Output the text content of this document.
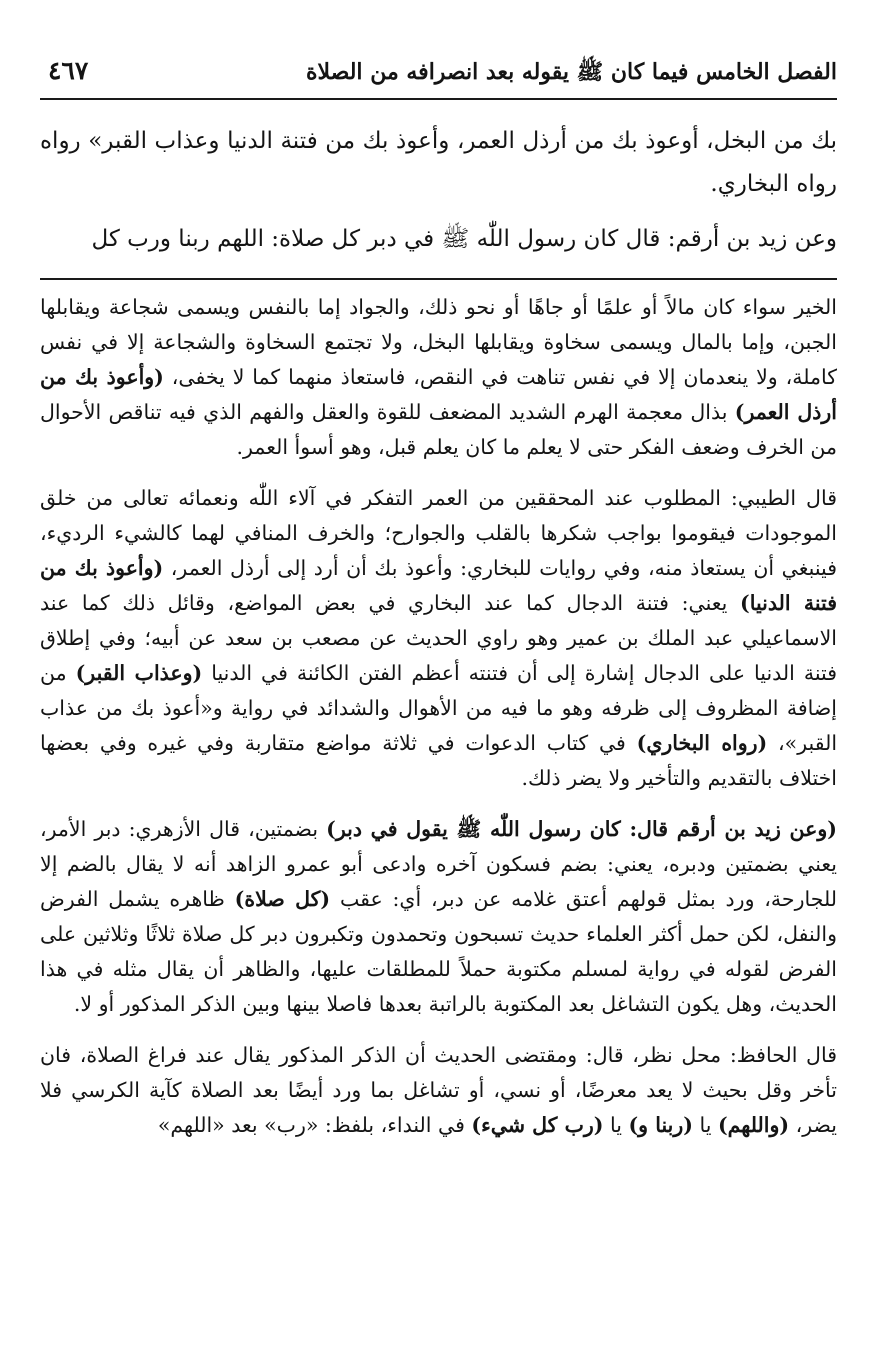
الفصل الخامس فيما كان ﷺ يقوله بعد انصرافه من الصلاة
٤٦٧

بك من البخل، أوعوذ بك من أرذل العمر، وأعوذ بك من فتنة الدنيا وعذاب القبر» رواه رواه البخاري.

وعن زيد بن أرقم: قال كان رسول اللّٰه ﷺ في دبر كل صلاة: اللهم ربنا ورب كل

الخير سواء كان مالاً أو علمًا أو جاهًا أو نحو ذلك، والجواد إما بالنفس ويسمى شجاعة ويقابلها الجبن، وإما بالمال ويسمى سخاوة ويقابلها البخل، ولا تجتمع السخاوة والشجاعة إلا في نفس كاملة، ولا ينعدمان إلا في نفس تناهت في النقص، فاستعاذ منهما كما لا يخفى، (وأعوذ بك من أرذل العمر) بذال معجمة الهرم الشديد المضعف للقوة والعقل والفهم الذي فيه تناقص الأحوال من الخرف وضعف الفكر حتى لا يعلم ما كان يعلم قبل، وهو أسوأ العمر.

قال الطيبي: المطلوب عند المحققين من العمر التفكر في آلاء اللّٰه ونعمائه تعالى من خلق الموجودات فيقوموا بواجب شكرها بالقلب والجوارح؛ والخرف المنافي لهما كالشيء الرديء، فينبغي أن يستعاذ منه، وفي روايات للبخاري: وأعوذ بك أن أرد إلى أرذل العمر، (وأعوذ بك من فتنة الدنيا) يعني: فتنة الدجال كما عند البخاري في بعض المواضع، وقائل ذلك كما عند الاسماعيلي عبد الملك بن عمير وهو راوي الحديث عن مصعب بن سعد عن أبيه؛ وفي إطلاق فتنة الدنيا على الدجال إشارة إلى أن فتنته أعظم الفتن الكائنة في الدنيا (وعذاب القبر) من إضافة المظروف إلى ظرفه وهو ما فيه من الأهوال والشدائد في رواية و«أعوذ بك من عذاب القبر»، (رواه البخاري) في كتاب الدعوات في ثلاثة مواضع متقاربة وفي غيره وفي بعضها اختلاف بالتقديم والتأخير ولا يضر ذلك.

(وعن زيد بن أرقم قال: كان رسول اللّٰه ﷺ يقول في دبر) بضمتين، قال الأزهري: دبر الأمر، يعني بضمتين ودبره، يعني: بضم فسكون آخره وادعى أبو عمرو الزاهد أنه لا يقال بالضم إلا للجارحة، ورد بمثل قولهم أعتق غلامه عن دبر، أي: عقب (كل صلاة) ظاهره يشمل الفرض والنفل، لكن حمل أكثر العلماء حديث تسبحون وتحمدون وتكبرون دبر كل صلاة ثلاثًا وثلاثين على الفرض لقوله في رواية لمسلم مكتوبة حملاً للمطلقات عليها، والظاهر أن يقال مثله في هذا الحديث، وهل يكون التشاغل بعد المكتوبة بالراتبة بعدها فاصلا بينها وبين الذكر المذكور أو لا.

قال الحافظ: محل نظر، قال: ومقتضى الحديث أن الذكر المذكور يقال عند فراغ الصلاة، فان تأخر وقل بحيث لا يعد معرضًا، أو نسي، أو تشاغل بما ورد أيضًا بعد الصلاة كآية الكرسي فلا يضر، (واللهم) يا (ربنا و) يا (رب كل شيء) في النداء، بلفظ: «رب» بعد «اللهم»
